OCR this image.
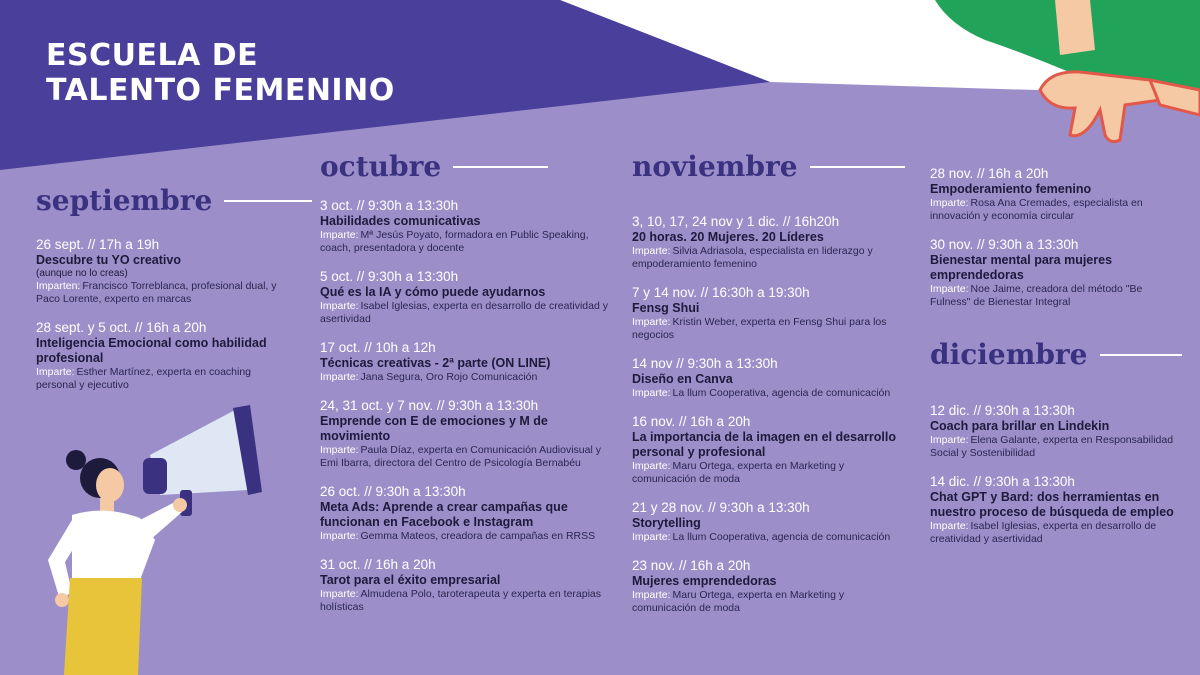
ESCUELA DE
TALENTO FEMENINO
septiembre
26 sept. // 17h a 19h
Descubre tu YO creativo
(aunque no lo creas)
Imparten: Francisco Torreblanca, profesional dual, y Paco Lorente, experto en marcas
28 sept. y 5 oct. // 16h a 20h
Inteligencia Emocional como habilidad profesional
Imparte: Esther Martínez, experta en coaching personal y ejecutivo
octubre
3 oct. // 9:30h a 13:30h
Habilidades comunicativas
Imparte: Mª Jesús Poyato, formadora en Public Speaking, coach, presentadora y docente
5 oct. // 9:30h a 13:30h
Qué es la IA y cómo puede ayudarnos
Imparte: Isabel Iglesias, experta en desarrollo de creatividad y asertividad
17 oct. // 10h a 12h
Técnicas creativas - 2ª parte (ON LINE)
Imparte: Jana Segura, Oro Rojo Comunicación
24, 31 oct. y 7 nov. // 9:30h a 13:30h
Emprende con E de emociones y M de movimiento
Imparte: Paula Díaz, experta en Comunicación Audiovisual y Emi Ibarra, directora del Centro de Psicología Bernabéu
26 oct. // 9:30h a 13:30h
Meta Ads: Aprende a crear campañas que funcionan en Facebook e Instagram
Imparte: Gemma Mateos, creadora de campañas en RRSS
31 oct. // 16h a 20h
Tarot para el éxito empresarial
Imparte: Almudena Polo, taroterapeuta y experta en terapias holísticas
noviembre
3, 10, 17, 24 nov y 1 dic. // 16h20h
20 horas. 20 Mujeres. 20 Líderes
Imparte: Silvia Adriasola, especialista en liderazgo y empoderamiento femenino
7 y 14 nov. // 16:30h a 19:30h
Fensg Shui
Imparte: Kristin Weber, experta en Fensg Shui para los negocios
14 nov // 9:30h a 13:30h
Diseño en Canva
Imparte: La llum Cooperativa, agencia de comunicación
16 nov. // 16h a 20h
La importancia de la imagen en el desarrollo personal y profesional
Imparte: Maru Ortega, experta en Marketing y comunicación de moda
21 y 28 nov. // 9:30h a 13:30h
Storytelling
Imparte: La llum Cooperativa, agencia de comunicación
23 nov. // 16h a 20h
Mujeres emprendedoras
Imparte: Maru Ortega, experta en Marketing y comunicación de moda
28 nov. // 16h a 20h
Empoderamiento femenino
Imparte: Rosa Ana Cremades, especialista en innovación y economía circular
30 nov. // 9:30h a 13:30h
Bienestar mental para mujeres emprendedoras
Imparte: Noe Jaime, creadora del método "Be Fulness" de Bienestar Integral
diciembre
12 dic. // 9:30h a 13:30h
Coach para brillar en Lindekin
Imparte: Elena Galante, experta en Responsabilidad Social y Sostenibilidad
14 dic. // 9:30h a 13:30h
Chat GPT y Bard: dos herramientas en nuestro proceso de búsqueda de empleo
Imparte: Isabel Iglesias, experta en desarrollo de creatividad y asertividad
